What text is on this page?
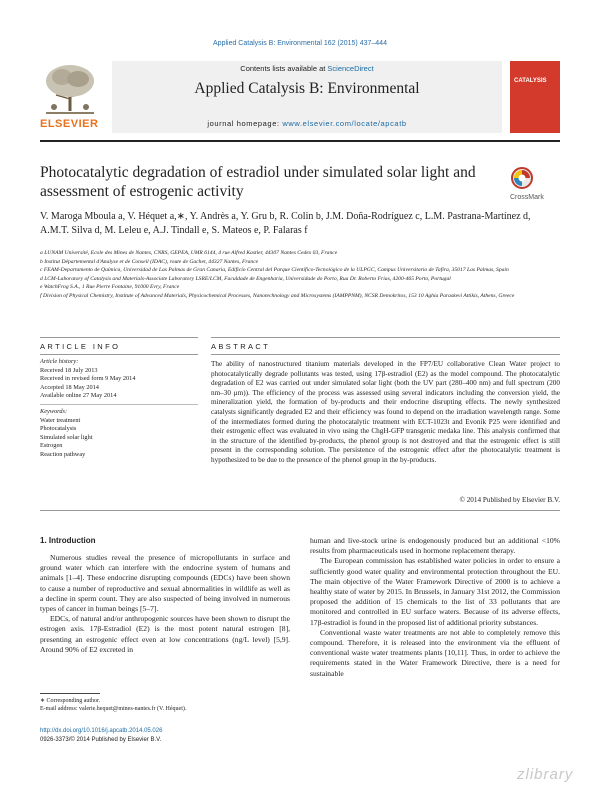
Applied Catalysis B: Environmental 162 (2015) 437–444
ELSEVIER
Contents lists available at ScienceDirect
Applied Catalysis B: Environmental
journal homepage: www.elsevier.com/locate/apcatb
CATALYSIS
Photocatalytic degradation of estradiol under simulated solar light and assessment of estrogenic activity	CrossMark
V. Maroga Mboula a, V. Héquet a,∗, Y. Andrès a, Y. Gru b, R. Colin b, J.M. Doña-Rodríguez c, L.M. Pastrana-Martínez d, A.M.T. Silva d, M. Leleu e, A.J. Tindall e, S. Mateos e, P. Falaras f
a LUNAM Université, Ecole des Mines de Nantes, CNRS, GEPEA, UMR 6144, 4 rue Alfred Kastler, 44307 Nantes Cedex 03, France
b Institut Départemental d'Analyse et de Conseil (IDAC), route de Gachet, 44327 Nantes, France
c FEAM-Departamento de Química, Universidad de Las Palmas de Gran Canaria, Edificio Central del Parque Científico-Tecnológico de la ULPGC, Campus Universitario de Tafira, 35017 Las Palmas, Spain
d LCM-Laboratory of Catalysis and Materials-Associate Laboratory LSRE/LCM, Faculdade de Engenharia, Universidade do Porto, Rua Dr. Roberto Frias, 4200-465 Porto, Portugal
e WatchFrog S.A., 1 Rue Pierre Fontaine, 91000 Evry, France
f Division of Physical Chemistry, Institute of Advanced Materials, Physicochemical Processes, Nanotechnology and Microsystems (IAMPPNM), NCSR Demokritos, 153 10 Aghia Paraskevi Attikis, Athens, Greece
ARTICLE INFO	ABSTRACT
Article history:
Received 18 July 2013
Received in revised form 9 May 2014
Accepted 18 May 2014
Available online 27 May 2014
Keywords:
Water treatment
Photocatalysis
Simulated solar light
Estrogen
Reaction pathway
The ability of nanostructured titanium materials developed in the FP7/EU collaborative Clean Water project to photocatalytically degrade pollutants was tested, using 17β-estradiol (E2) as the model compound. The photocatalytic degradation of E2 was carried out under simulated solar light (both the UV part (280–400 nm) and full spectrum (200 nm–30 μm)). The efficiency of the process was assessed using several indicators including the conversion yield, the mineralization yield, the formation of by-products and their endocrine disrupting effects. The newly synthesized catalysts significantly degraded E2 and their efficiency was found to depend on the irradiation wavelength range. Some of the intermediates formed during the photocatalytic treatment with ECT-1023t and Evonik P25 were identified and their estrogenic effect was evaluated in vivo using the ChgH-GFP transgenic medaka line. This analysis confirmed that in the structure of the identified by-products, the phenol group is not destroyed and that the estrogenic effect is still present in the corresponding solution. The persistence of the estrogenic effect after the photocatalytic treatment is hypothesized to be due to the presence of the phenol group in the by-products.
© 2014 Published by Elsevier B.V.
1. Introduction

Numerous studies reveal the presence of micropollutants in surface and ground water which can interfere with the endocrine system of humans and animals [1–4]. These endocrine disrupting compounds (EDCs) have been shown to cause a number of reproductive and sexual abnormalities in wildlife as well as a decline in sperm count. They are also suspected of being involved in numerous types of cancer in human beings [5–7].

EDCs, of natural and/or anthropogenic sources have been shown to disrupt the estrogen axis. 17β-Estradiol (E2) is the most potent natural estrogen [8], presenting an estrogenic effect even at low concentrations (ng/L level) [5,9]. Around 90% of E2 excreted in

human and live-stock urine is endogenously produced but an additional <10% results from pharmaceuticals used in hormone replacement therapy.

The European commission has established water policies in order to ensure a sufficiently good water quality and environmental protection throughout the EU. The main objective of the Water Framework Directive of 2000 is to achieve a healthy state of water by 2015. In Brussels, in January 31st 2012, the Commission proposed the addition of 15 chemicals to the list of 33 pollutants that are monitored and controlled in EU surface waters. Because of its adverse effects, 17β-estradiol is found in the proposed list of additional priority substances.

Conventional waste water treatments are not able to completely remove this compound. Therefore, it is released into the environment via the effluent of conventional waste water treatments plants [10,11]. Thus, in order to achieve the requirements stated in the Water Framework Directive, there is a need for sustainable

∗ Corresponding author.
E-mail address: valerie.hequet@mines-nantes.fr (V. Héquet).
http://dx.doi.org/10.1016/j.apcatb.2014.05.026
0926-3373/© 2014 Published by Elsevier B.V.
zlibrary
